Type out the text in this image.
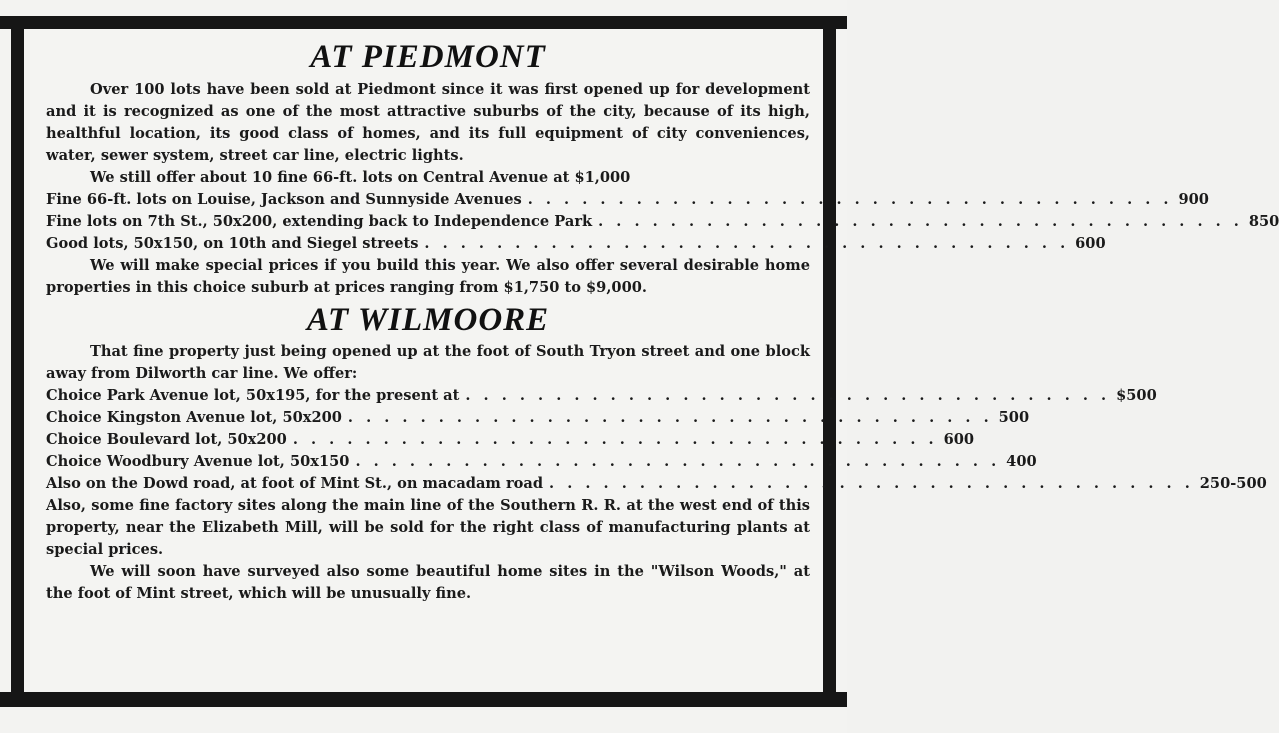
AT PIEDMONT

Over 100 lots have been sold at Piedmont since it was first opened up for development and it is recognized as one of the most attractive suburbs of the city, because of its high, healthful location, its good class of homes, and its full equipment of city conveniences, water, sewer system, street car line, electric lights.

We still offer about 10 fine 66-ft. lots on Central Avenue at $1,000

Fine 66-ft. lots on Louise, Jackson and Sunnyside Avenues . . . . . . . . . . . . . . . . . . . . . . . . . . . . . . . . . . . . 900
Fine lots on 7th St., 50x200, extending back to Independence Park . . . . . . . . . . . . . . . . . . . . . . . . . . . . . . . . . . . . 850
Good lots, 50x150, on 10th and Siegel streets . . . . . . . . . . . . . . . . . . . . . . . . . . . . . . . . . . . . 600

We will make special prices if you build this year. We also offer several desirable home properties in this choice suburb at prices ranging from $1,750 to $9,000.

AT WILMOORE

That fine property just being opened up at the foot of South Tryon street and one block away from Dilworth car line. We offer:

Choice Park Avenue lot, 50x195, for the present at . . . . . . . . . . . . . . . . . . . . . . . . . . . . . . . . . . . . $500
Choice Kingston Avenue lot, 50x200 . . . . . . . . . . . . . . . . . . . . . . . . . . . . . . . . . . . . 500
Choice Boulevard lot, 50x200 . . . . . . . . . . . . . . . . . . . . . . . . . . . . . . . . . . . . 600
Choice Woodbury Avenue lot, 50x150 . . . . . . . . . . . . . . . . . . . . . . . . . . . . . . . . . . . . 400
Also on the Dowd road, at foot of Mint St., on macadam road . . . . . . . . . . . . . . . . . . . . . . . . . . . . . . . . . . . . 250-500

Also, some fine factory sites along the main line of the Southern R. R. at the west end of this property, near the Elizabeth Mill, will be sold for the right class of manufacturing plants at special prices.

We will soon have surveyed also some beautiful home sites in the "Wilson Woods," at the foot of Mint street, which will be unusually fine.
